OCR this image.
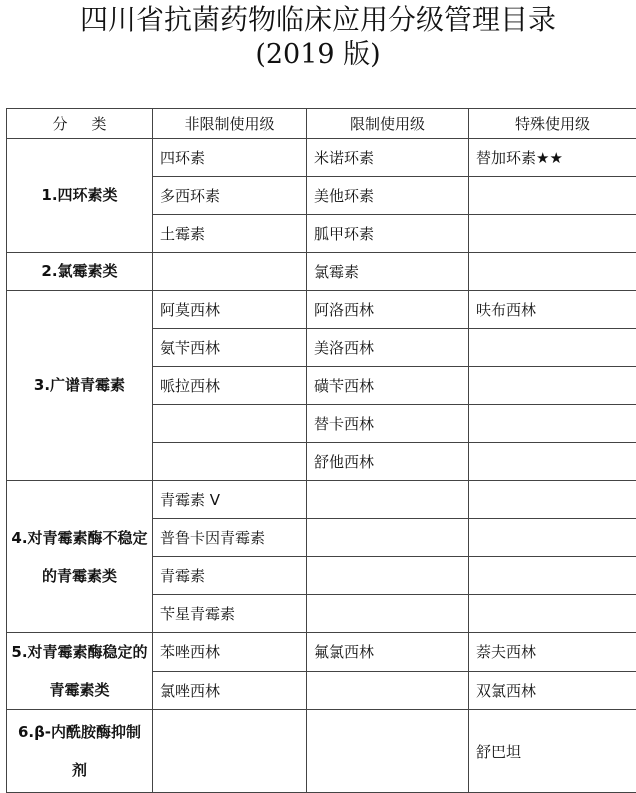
四川省抗菌药物临床应用分级管理目录
(2019 版)
分 类	非限制使用级	限制使用级	特殊使用级
1.四环素类	四环素	米诺环素	替加环素★★
	多西环素	美他环素	
	土霉素	胍甲环素	
2.氯霉素类		氯霉素	
3.广谱青霉素	阿莫西林	阿洛西林	呋布西林
	氨苄西林	美洛西林	
	哌拉西林	磺苄西林	
		替卡西林	
		舒他西林	
4.对青霉素酶不稳定的青霉素类	青霉素 V		
	普鲁卡因青霉素		
	青霉素		
	苄星青霉素		
5.对青霉素酶稳定的青霉素类	苯唑西林	氟氯西林	萘夫西林
	氯唑西林		双氯西林
6.β-内酰胺酶抑制剂			舒巴坦
